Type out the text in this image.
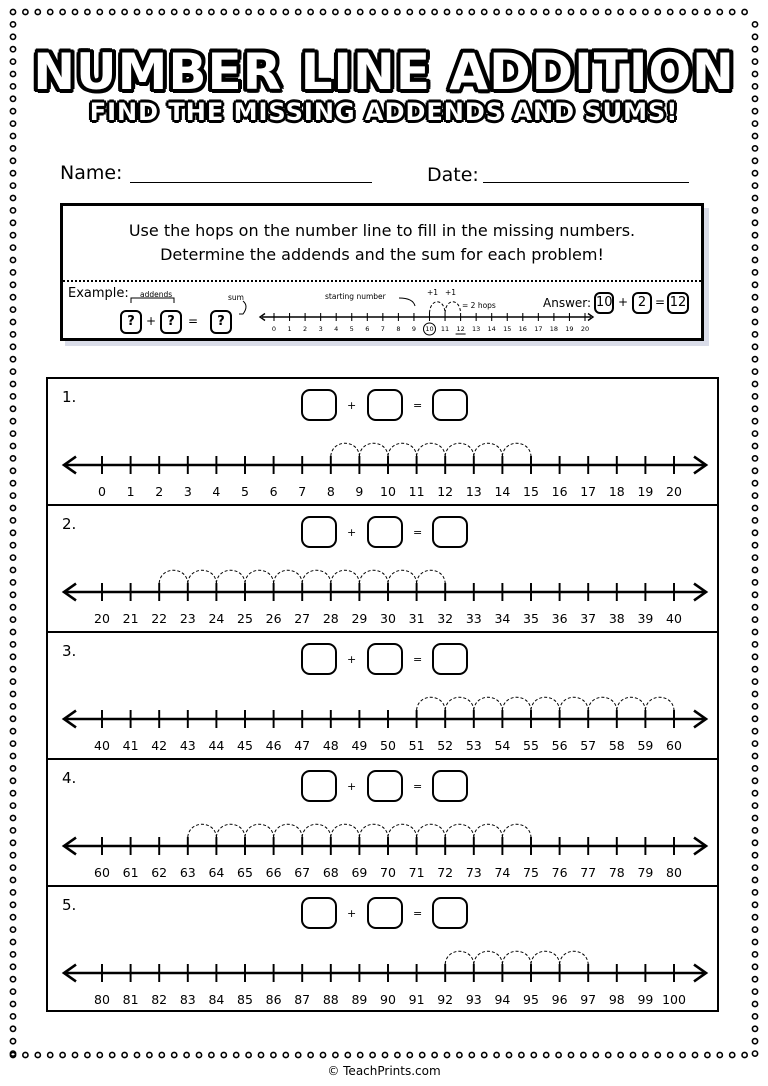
NUMBER LINE ADDITION
FIND THE MISSING ADDENDS AND SUMS!
Name:	Date:
Use the hops on the number line to fill in the missing numbers.
Determine the addends and the sum for each problem!
Example: addends	sum	starting number	+1 +1
= 2 hops
? + ?	=	?
Answer: 10 + 2 = 12
0 1 2 3 4 5 6 7 8 9 10 11 12 13 14 15 16 17 18 19 20
1.	+	=
0 1 2 3 4 5 6 7 8 9 10 11 12 13 14 15 16 17 18 19 20
2.	+	=
20 21 22 23 24 25 26 27 28 29 30 31 32 33 34 35 36 37 38 39 40
3.	+	=
40 41 42 43 44 45 46 47 48 49 50 51 52 53 54 55 56 57 58 59 60
4.	+	=
60 61 62 63 64 65 66 67 68 69 70 71 72 73 74 75 76 77 78 79 80
5.	+	=
80 81 82 83 84 85 86 87 88 89 90 91 92 93 94 95 96 97 98 99 100
© TeachPrints.com
